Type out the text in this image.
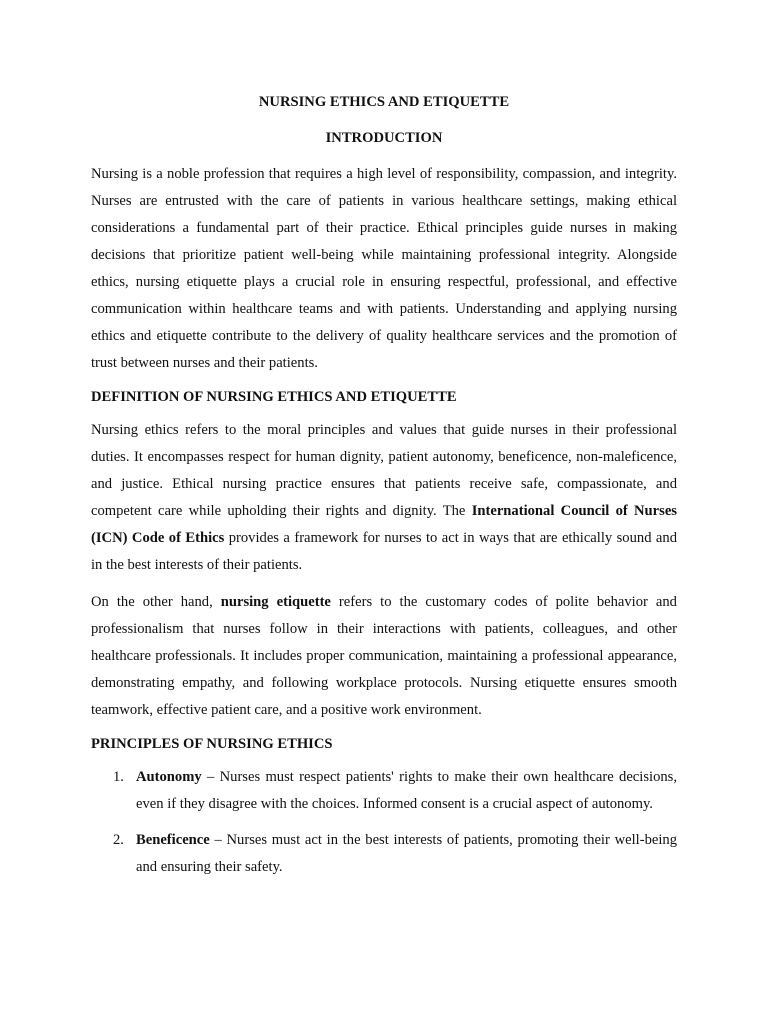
NURSING ETHICS AND ETIQUETTE

INTRODUCTION

Nursing is a noble profession that requires a high level of responsibility, compassion, and integrity. Nurses are entrusted with the care of patients in various healthcare settings, making ethical considerations a fundamental part of their practice. Ethical principles guide nurses in making decisions that prioritize patient well-being while maintaining professional integrity. Alongside ethics, nursing etiquette plays a crucial role in ensuring respectful, professional, and effective communication within healthcare teams and with patients. Understanding and applying nursing ethics and etiquette contribute to the delivery of quality healthcare services and the promotion of trust between nurses and their patients.

DEFINITION OF NURSING ETHICS AND ETIQUETTE

Nursing ethics refers to the moral principles and values that guide nurses in their professional duties. It encompasses respect for human dignity, patient autonomy, beneficence, non-maleficence, and justice. Ethical nursing practice ensures that patients receive safe, compassionate, and competent care while upholding their rights and dignity. The International Council of Nurses (ICN) Code of Ethics provides a framework for nurses to act in ways that are ethically sound and in the best interests of their patients.

On the other hand, nursing etiquette refers to the customary codes of polite behavior and professionalism that nurses follow in their interactions with patients, colleagues, and other healthcare professionals. It includes proper communication, maintaining a professional appearance, demonstrating empathy, and following workplace protocols. Nursing etiquette ensures smooth teamwork, effective patient care, and a positive work environment.

PRINCIPLES OF NURSING ETHICS
1. Autonomy – Nurses must respect patients' rights to make their own healthcare decisions, even if they disagree with the choices. Informed consent is a crucial aspect of autonomy.
2. Beneficence – Nurses must act in the best interests of patients, promoting their well-being and ensuring their safety.
